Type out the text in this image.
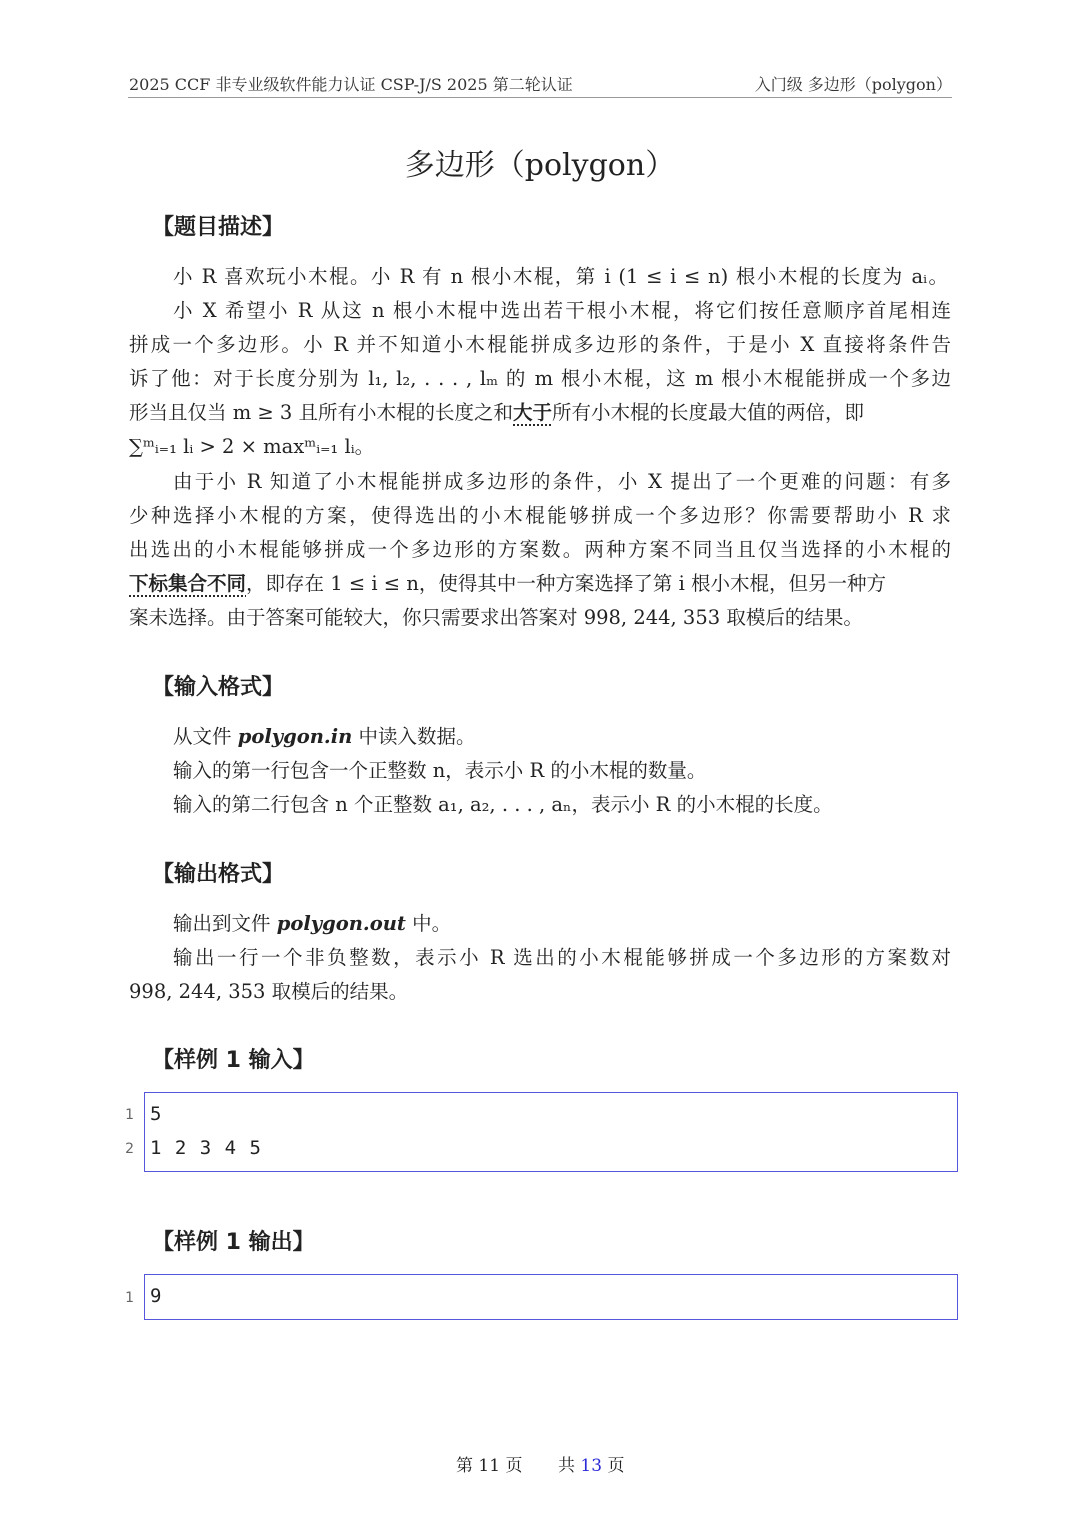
2025 CCF 非专业级软件能力认证 CSP-J/S 2025 第二轮认证	入门级 多边形（polygon）
多边形（polygon）
【题目描述】
小 R 喜欢玩小木棍。小 R 有 n 根小木棍，第 i (1 ≤ i ≤ n) 根小木棍的长度为 aᵢ。
小 X 希望小 R 从这 n 根小木棍中选出若干根小木棍，将它们按任意顺序首尾相连
拼成一个多边形。小 R 并不知道小木棍能拼成多边形的条件，于是小 X 直接将条件告
诉了他：对于长度分别为 l₁, l₂, . . . , lₘ 的 m 根小木棍，这 m 根小木棍能拼成一个多边
形当且仅当 m ≥ 3 且所有小木棍的长度之和大于所有小木棍的长度最大值的两倍，即
∑ᵐᵢ₌₁ lᵢ > 2 × maxᵐᵢ₌₁ lᵢ。
由于小 R 知道了小木棍能拼成多边形的条件，小 X 提出了一个更难的问题：有多
少种选择小木棍的方案，使得选出的小木棍能够拼成一个多边形？你需要帮助小 R 求
出选出的小木棍能够拼成一个多边形的方案数。两种方案不同当且仅当选择的小木棍的
下标集合不同，即存在 1 ≤ i ≤ n，使得其中一种方案选择了第 i 根小木棍，但另一种方
案未选择。由于答案可能较大，你只需要求出答案对 998, 244, 353 取模后的结果。
【输入格式】
从文件 polygon.in 中读入数据。
输入的第一行包含一个正整数 n，表示小 R 的小木棍的数量。
输入的第二行包含 n 个正整数 a₁, a₂, . . . , aₙ，表示小 R 的小木棍的长度。
【输出格式】
输出到文件 polygon.out 中。
输出一行一个非负整数，表示小 R 选出的小木棍能够拼成一个多边形的方案数对
998, 244, 353 取模后的结果。
【样例 1 输入】
1
2
5
1 2 3 4 5
【样例 1 输出】
1 9
第 11 页 共 13 页
